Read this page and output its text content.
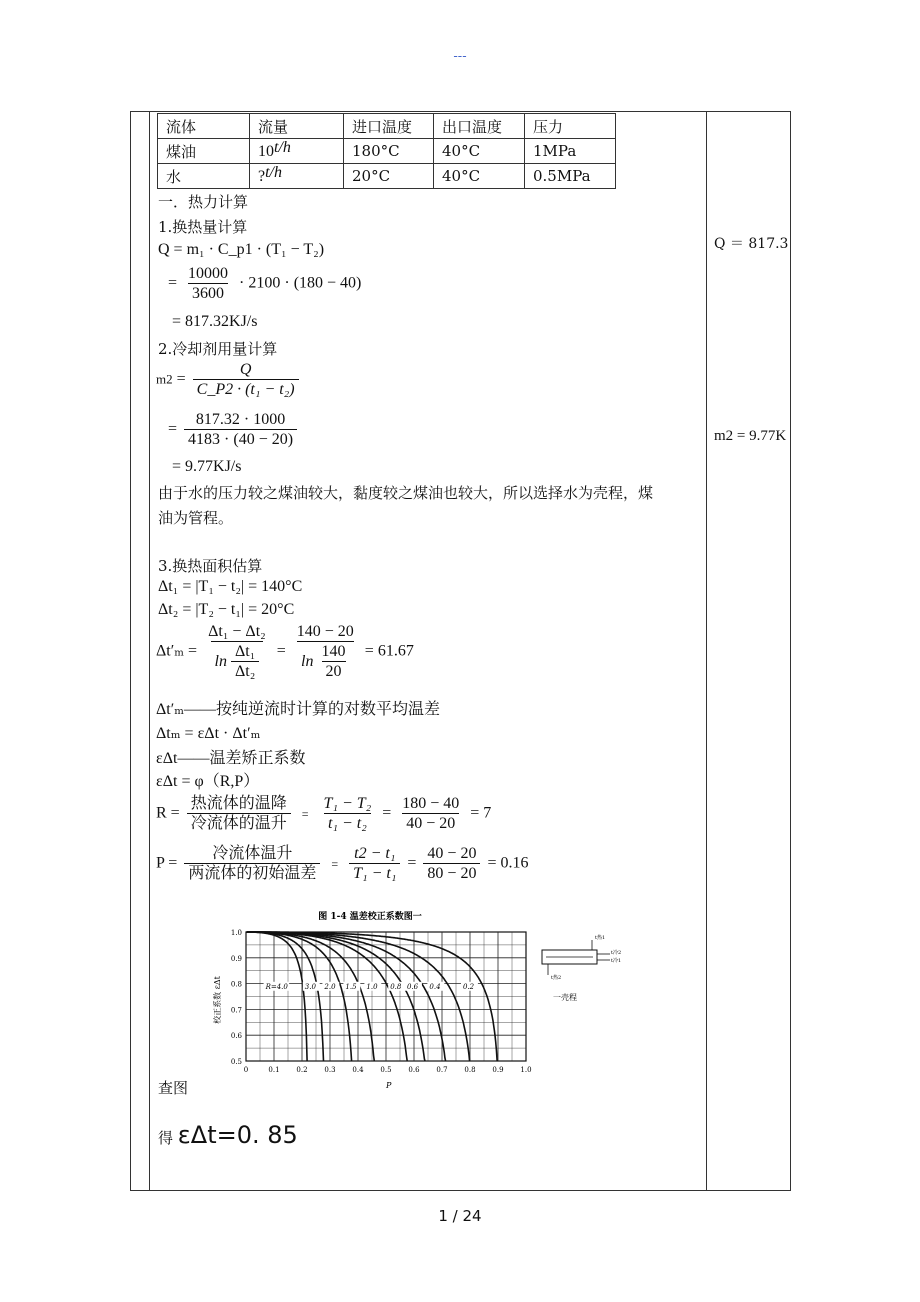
---
流体	流量	进口温度	出口温度	压力
煤油	10t/h	180°C	40°C	1MPa
水	?t/h	20°C	40°C	0.5MPa
一．热力计算
1.换热量计算
Q = m₁ · C_p1 · (T₁ − T₂)
= $\frac{10000}{3600} \cdot 2100 \cdot (180 - 40)$
= 817.32KJ/s
2.冷却剂用量计算
$m2 = \frac{Q}{\text{C\_P2 · (t₁ − t₂)}}$
= $\frac{817.32 \cdot 1000}{4183 \cdot (40 - 20)}$
= 9.77KJ/s
由于水的压力较之煤油较大，黏度较之煤油也较大，所以选择水为壳程，煤
油为管程。
3.换热面积估算
Δt₁ = |T₁ − t₂| = 140°C
Δt₂ = |T₂ − t₁| = 20°C
$\Delta t'_m = \frac{\text{Δt₁ − Δt₂}}{\ln \frac{\text{Δt₁}}{\text{Δt₂}}} = \frac{140 - 20}{\ln \frac{140}{20}} = 61.67$
Δt′ₘ——按纯逆流时计算的对数平均温差
Δtₘ = εΔt · Δt′ₘ
εΔt——温差矫正系数
εΔt = φ（R,P）
$R = \frac{\text{热流体的温降}}{\text{冷流体的温升}} = \frac{\text{T₁ − T₂}}{\text{t₁ − t₂}} = \frac{180 - 40}{40 - 20} = 7$
$P = \frac{\text{冷流体温升}}{\text{两流体的初始温差}} = \frac{\text{t2 − t₁}}{\text{T₁ − t₁}} = \frac{40 - 20}{80 - 20} = 0.16$
图 1-4 温差校正系数图一
0	0.1 0.2 0.3 0.4 0.5 0.6 0.7 0.8 0.9 1.0
1.0
0.9
0.8
0.7
0.6
0.5
R=4.0 3.0 2.0 1.5 1.0 0.8 0.6 0.4	0.2
校正系数 εΔt
P
t热1
t冷2
t冷1
t热2
一壳程
查图
得 εΔt=0. 85
Q ＝ 817.3
m2 = 9.77K
1 / 24
